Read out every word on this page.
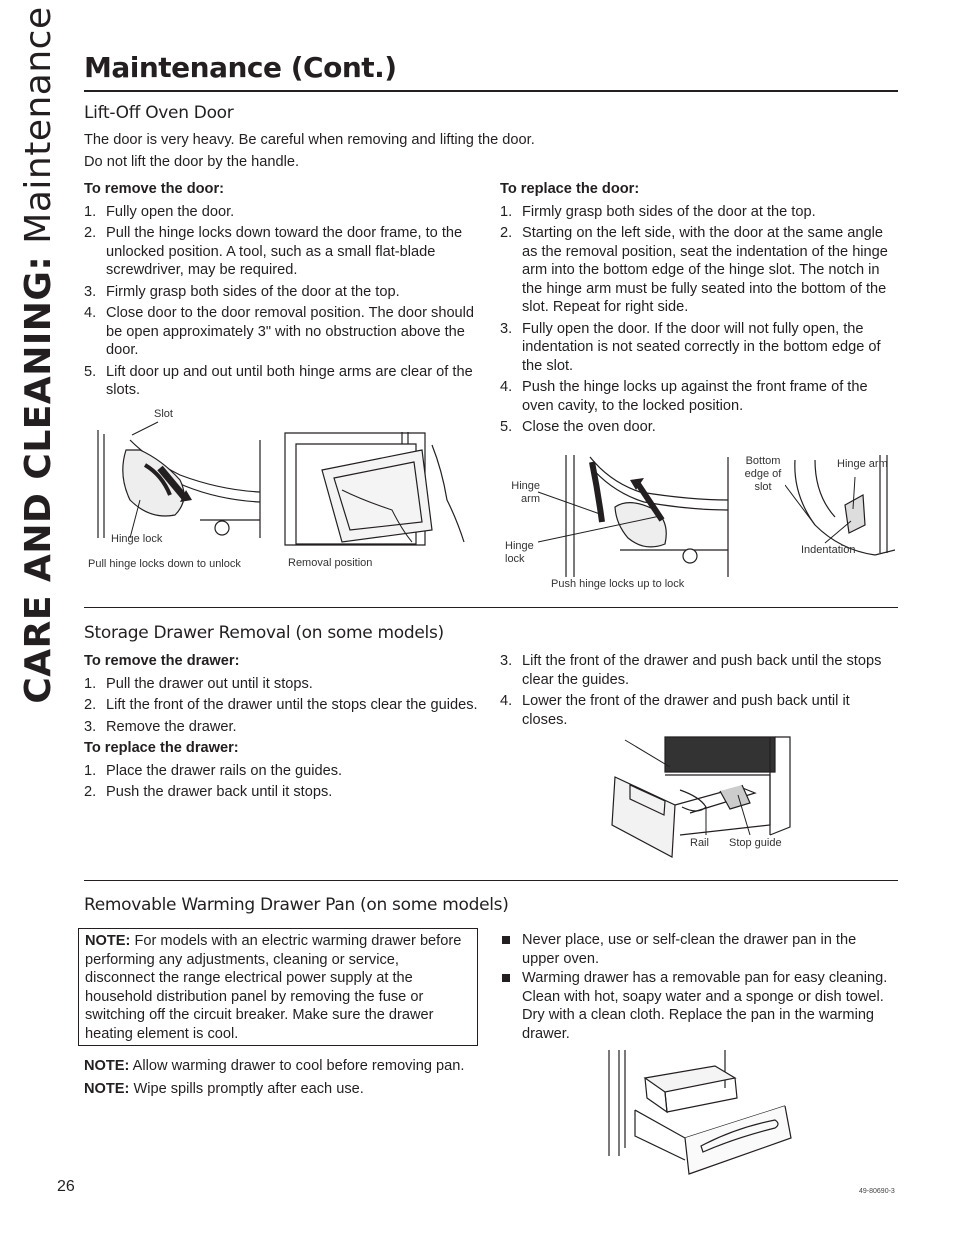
CARE AND CLEANING: Maintenance Maintenance (Cont.)
Lift-Off Oven Door

The door is very heavy. Be careful when removing and lifting the door.

Do not lift the door by the handle.

To remove the door:

1. Fully open the door.
2. Pull the hinge locks down toward the door frame, to the unlocked position. A tool, such as a small flat-blade screwdriver, may be required.
3. Firmly grasp both sides of the door at the top.
4. Close door to the door removal position. The door should be open approximately 3" with no obstruction above the door.
5. Lift door up and out until both hinge arms are clear of the slots.

To replace the door:

1. Firmly grasp both sides of the door at the top.
2. Starting on the left side, with the door at the same angle as the removal position, seat the indentation of the hinge arm into the bottom edge of the hinge slot. The notch in the hinge arm must be fully seated into the bottom of the slot. Repeat for right side.
3. Fully open the door. If the door will not fully open, the indentation is not seated correctly in the bottom edge of the slot.
4. Push the hinge locks up against the front frame of the oven cavity, to the locked position.
5. Close the oven door.
Slot
Hinge lock
Pull hinge locks down to unlock	Removal position
Hinge
arm
Hinge
lock
Push hinge locks up to lock
Bottom
edge of
slot
Hinge arm
Indentation
Storage Drawer Removal (on some models)

To remove the drawer:

1. Pull the drawer out until it stops.
2. Lift the front of the drawer until the stops clear the guides.
3. Remove the drawer.

To replace the drawer:

1. Place the drawer rails on the guides.
2. Push the drawer back until it stops.
3. Lift the front of the drawer and push back until the stops clear the guides.
4. Lower the front of the drawer and push back until it closes.
Rail Stop guide
Removable Warming Drawer Pan (on some models)
NOTE: For models with an electric warming drawer before performing any adjustments, cleaning or service, disconnect the range electrical power supply at the household distribution panel by removing the fuse or switching off the circuit breaker. Make sure the drawer heating element is cool.

NOTE: Allow warming drawer to cool before removing pan.

NOTE: Wipe spills promptly after each use.

Never place, use or self-clean the drawer pan in the upper oven.
Warming drawer has a removable pan for easy cleaning. Clean with hot, soapy water and a sponge or dish towel. Dry with a clean cloth. Replace the pan in the warming drawer.
26	49-80690-3
